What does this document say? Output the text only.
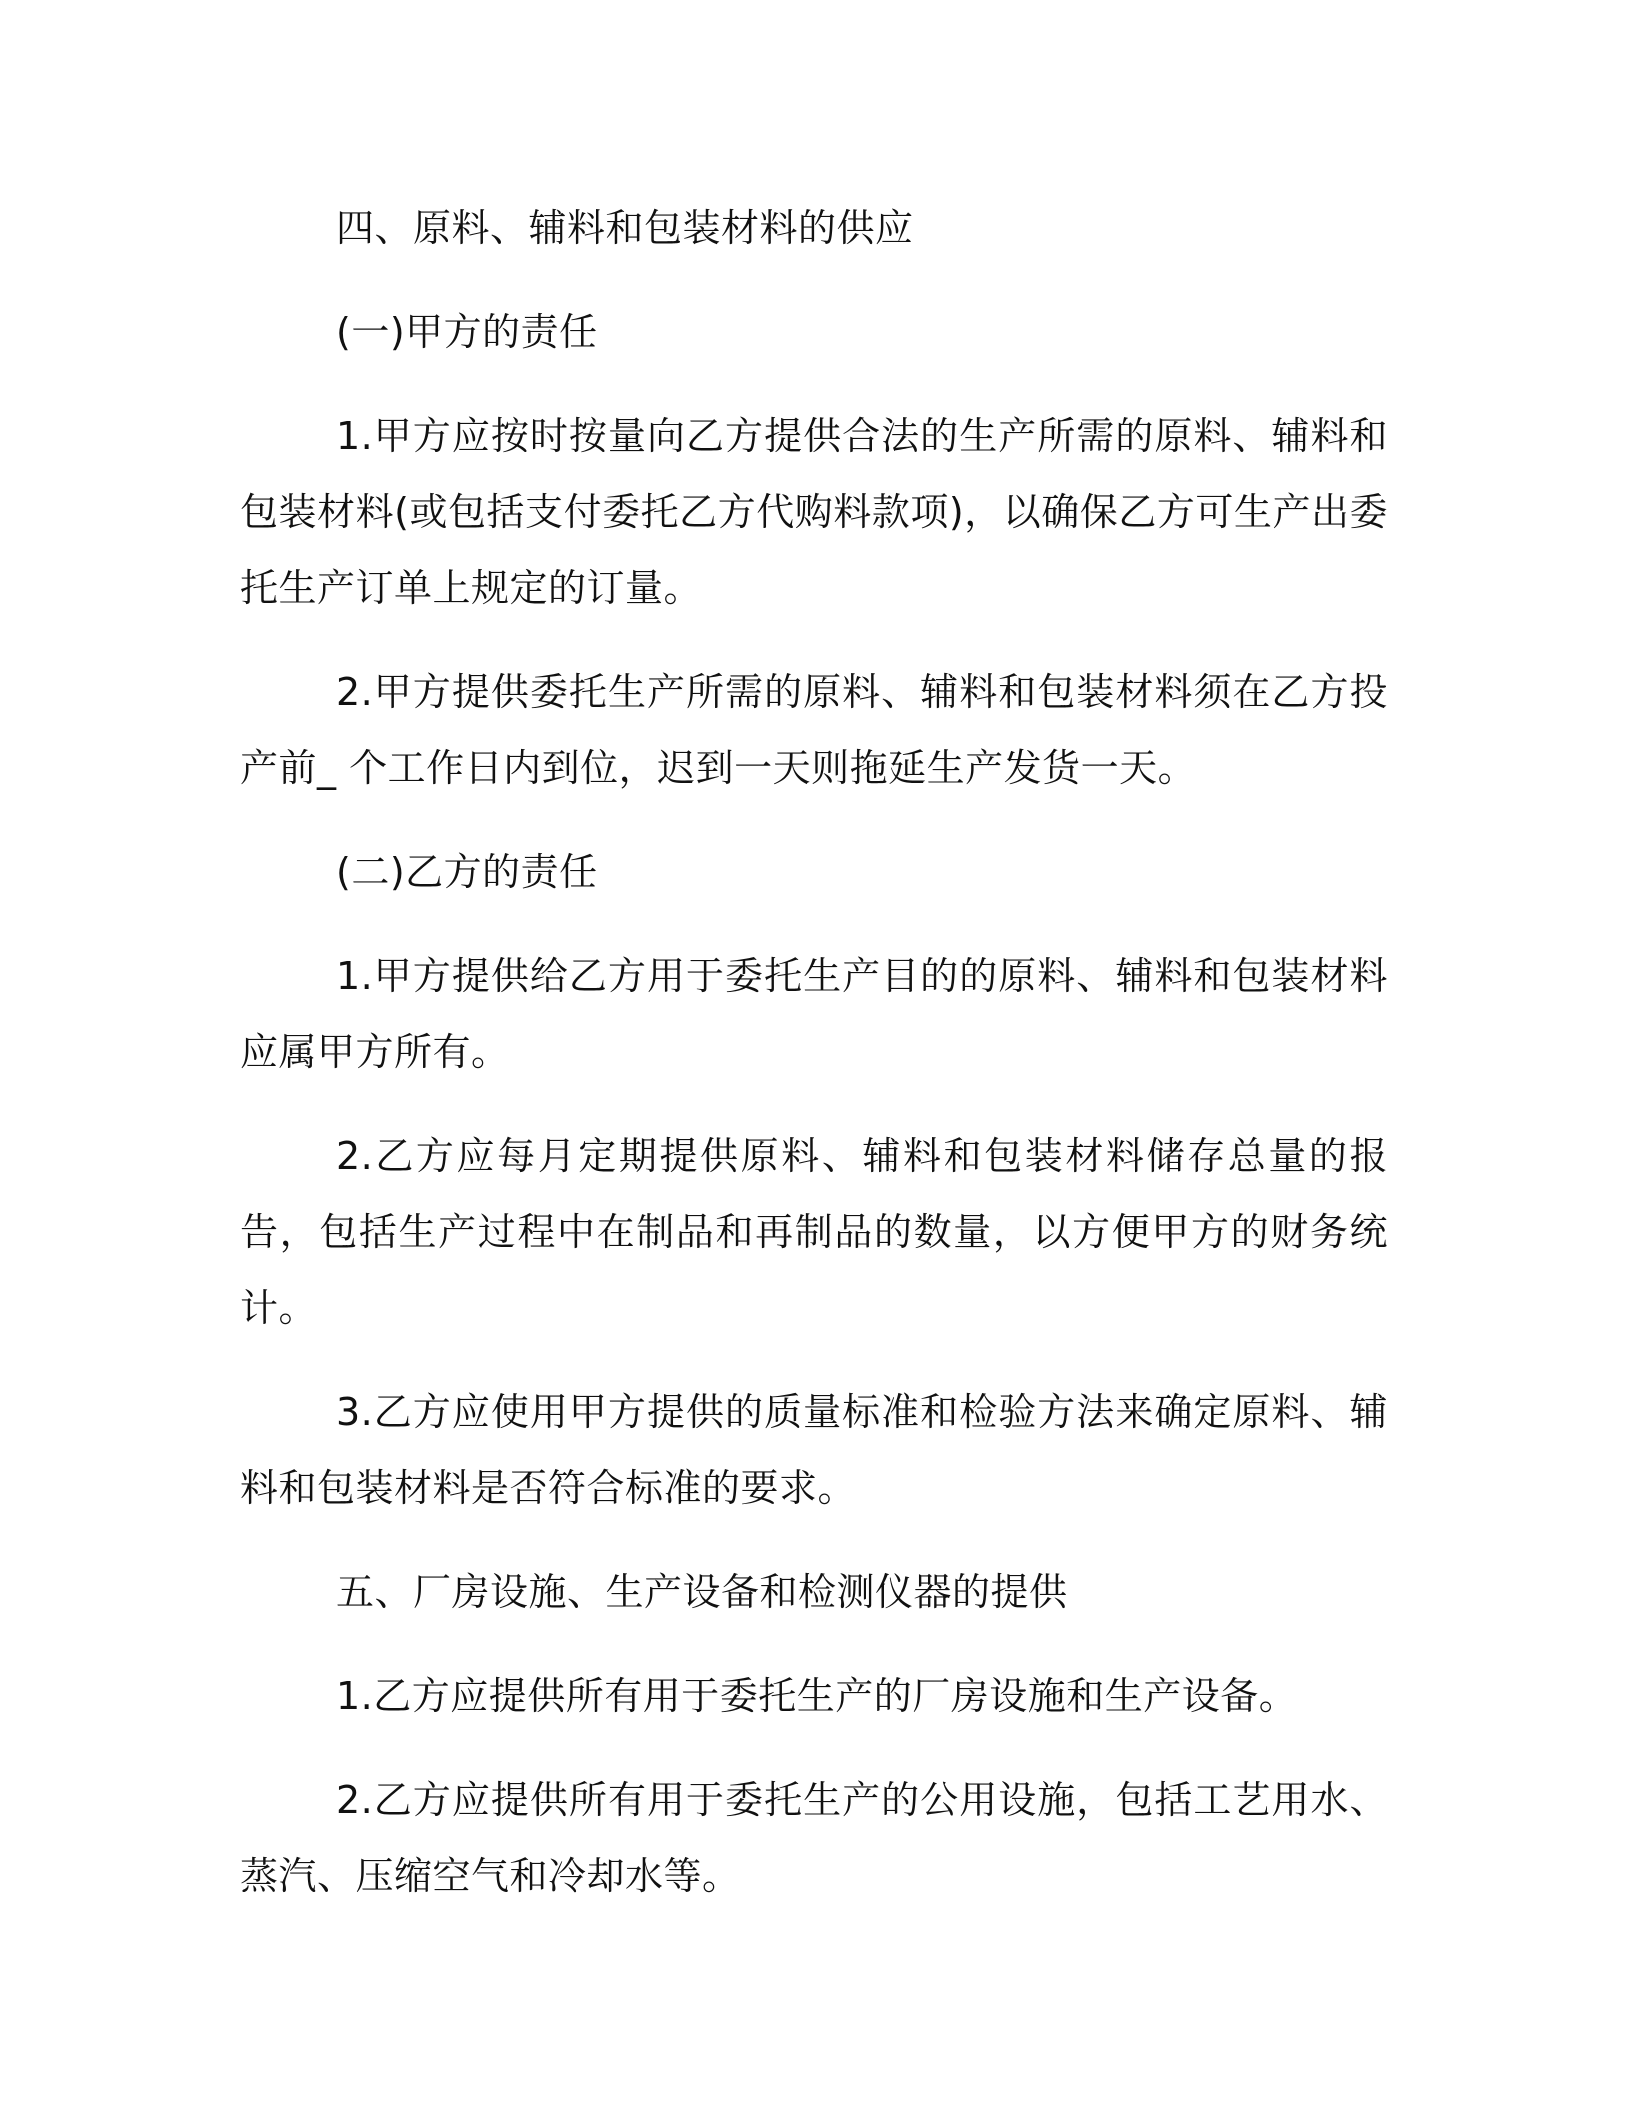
四、原料、辅料和包装材料的供应

(一)甲方的责任

1.甲方应按时按量向乙方提供合法的生产所需的原料、辅料和包装材料(或包括支付委托乙方代购料款项)，以确保乙方可生产出委托生产订单上规定的订量。

2.甲方提供委托生产所需的原料、辅料和包装材料须在乙方投产前_ 个工作日内到位，迟到一天则拖延生产发货一天。

(二)乙方的责任

1.甲方提供给乙方用于委托生产目的的原料、辅料和包装材料应属甲方所有。

2.乙方应每月定期提供原料、辅料和包装材料储存总量的报告，包括生产过程中在制品和再制品的数量，以方便甲方的财务统计。

3.乙方应使用甲方提供的质量标准和检验方法来确定原料、辅料和包装材料是否符合标准的要求。

五、厂房设施、生产设备和检测仪器的提供

1.乙方应提供所有用于委托生产的厂房设施和生产设备。

2.乙方应提供所有用于委托生产的公用设施，包括工艺用水、蒸汽、压缩空气和冷却水等。
